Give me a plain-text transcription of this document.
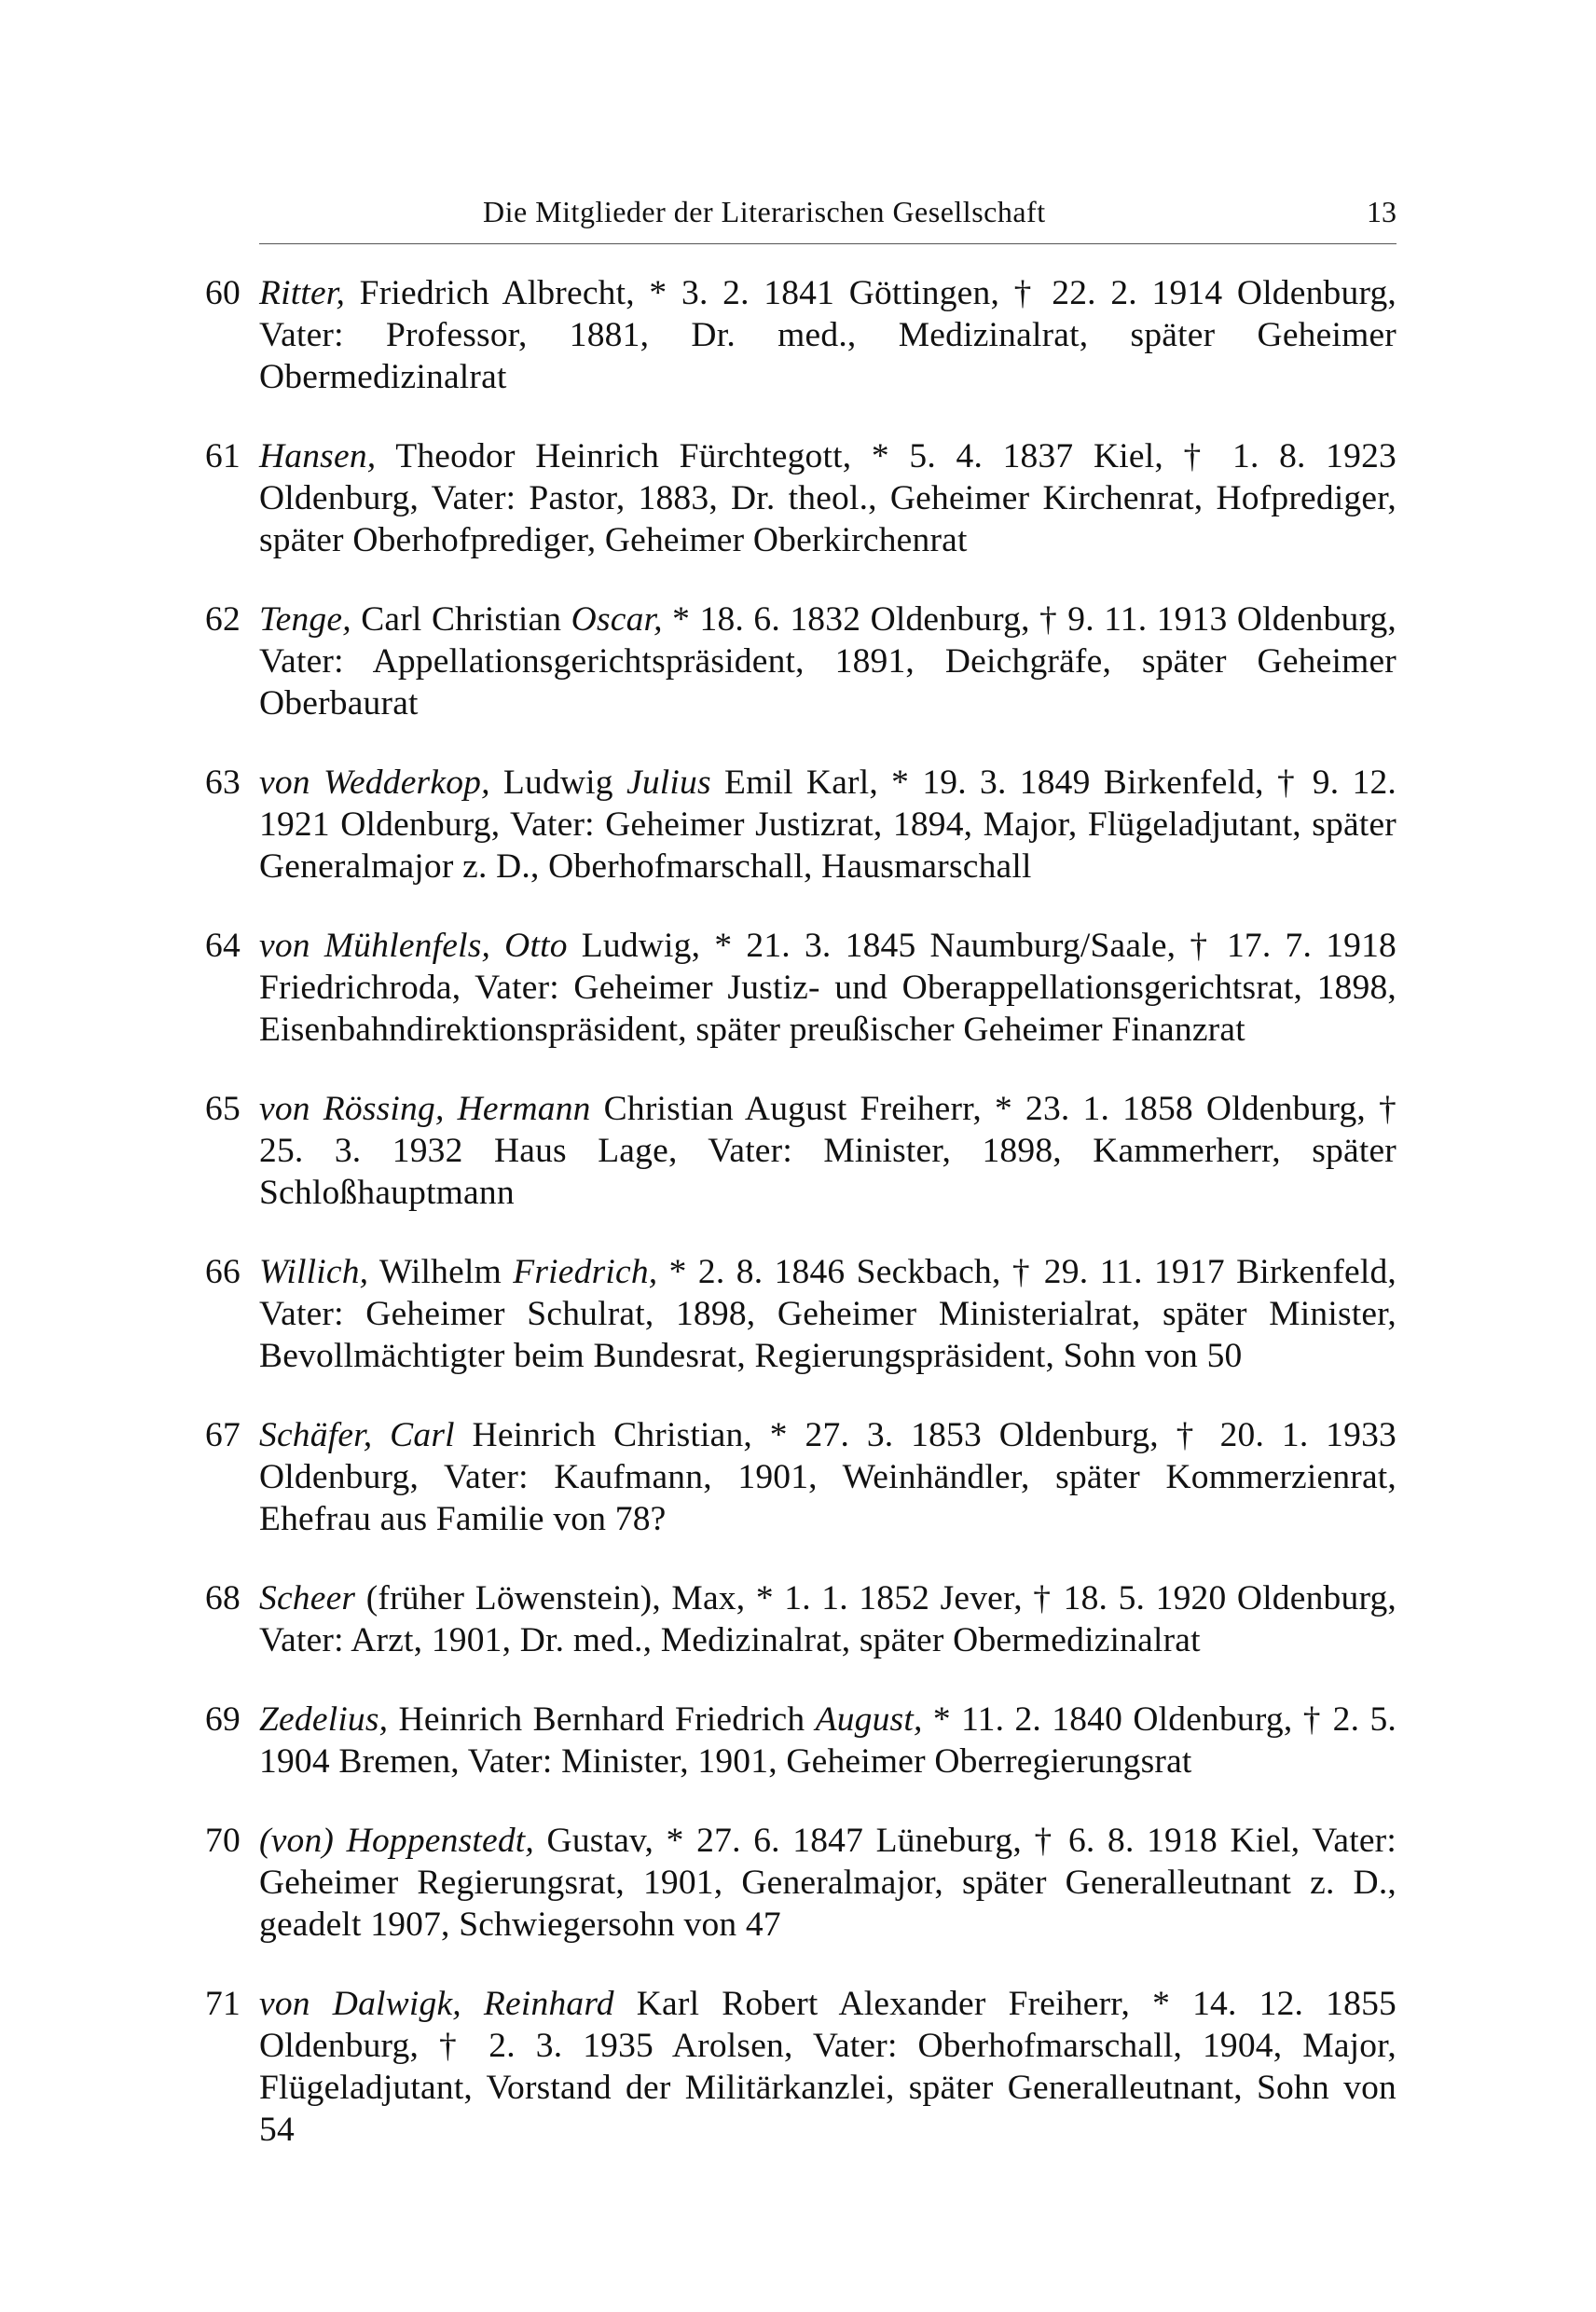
Die Mitglieder der Literarischen Gesellschaft	13
60 Ritter, Friedrich Albrecht, * 3. 2. 1841 Göttingen, † 22. 2. 1914 Oldenburg, Vater: Professor, 1881, Dr. med., Medizinalrat, später Geheimer Obermedizinalrat
61 Hansen, Theodor Heinrich Fürchtegott, * 5. 4. 1837 Kiel, † 1. 8. 1923 Oldenburg, Vater: Pastor, 1883, Dr. theol., Geheimer Kirchenrat, Hofprediger, später Oberhofprediger, Geheimer Oberkirchenrat
62 Tenge, Carl Christian Oscar, * 18. 6. 1832 Oldenburg, † 9. 11. 1913 Oldenburg, Vater: Appellationsgerichtspräsident, 1891, Deichgräfe, später Geheimer Oberbaurat
63 von Wedderkop, Ludwig Julius Emil Karl, * 19. 3. 1849 Birkenfeld, † 9. 12. 1921 Oldenburg, Vater: Geheimer Justizrat, 1894, Major, Flügeladjutant, später Generalmajor z. D., Oberhofmarschall, Hausmarschall
64 von Mühlenfels, Otto Ludwig, * 21. 3. 1845 Naumburg/Saale, † 17. 7. 1918 Friedrichroda, Vater: Geheimer Justiz- und Oberappellationsgerichtsrat, 1898, Eisenbahndirektionspräsident, später preußischer Geheimer Finanzrat
65 von Rössing, Hermann Christian August Freiherr, * 23. 1. 1858 Oldenburg, † 25. 3. 1932 Haus Lage, Vater: Minister, 1898, Kammerherr, später Schloßhauptmann
66 Willich, Wilhelm Friedrich, * 2. 8. 1846 Seckbach, † 29. 11. 1917 Birkenfeld, Vater: Geheimer Schulrat, 1898, Geheimer Ministerialrat, später Minister, Bevollmächtigter beim Bundesrat, Regierungspräsident, Sohn von 50
67 Schäfer, Carl Heinrich Christian, * 27. 3. 1853 Oldenburg, † 20. 1. 1933 Oldenburg, Vater: Kaufmann, 1901, Weinhändler, später Kommerzienrat, Ehefrau aus Familie von 78?
68 Scheer (früher Löwenstein), Max, * 1. 1. 1852 Jever, † 18. 5. 1920 Oldenburg, Vater: Arzt, 1901, Dr. med., Medizinalrat, später Obermedizinalrat
69 Zedelius, Heinrich Bernhard Friedrich August, * 11. 2. 1840 Oldenburg, † 2. 5. 1904 Bremen, Vater: Minister, 1901, Geheimer Oberregierungsrat
70 (von) Hoppenstedt, Gustav, * 27. 6. 1847 Lüneburg, † 6. 8. 1918 Kiel, Vater: Geheimer Regierungsrat, 1901, Generalmajor, später Generalleutnant z. D., geadelt 1907, Schwiegersohn von 47
71 von Dalwigk, Reinhard Karl Robert Alexander Freiherr, * 14. 12. 1855 Oldenburg, † 2. 3. 1935 Arolsen, Vater: Oberhofmarschall, 1904, Major, Flügeladjutant, Vorstand der Militärkanzlei, später Generalleutnant, Sohn von 54
